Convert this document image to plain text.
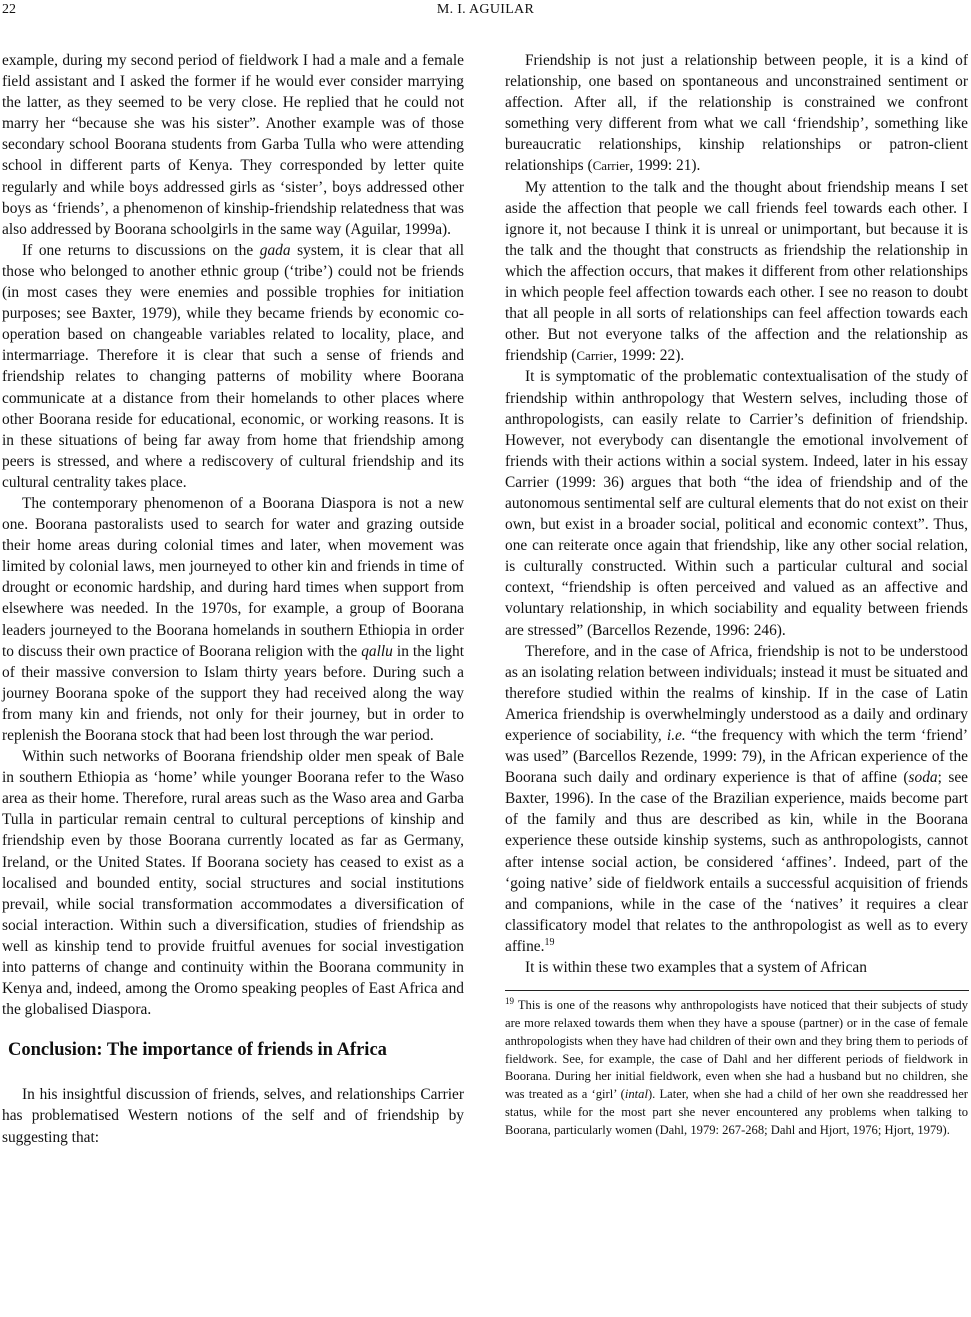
22	M. I. AGUILAR

example, during my second period of fieldwork I had a male and a female field assistant and I asked the former if he would ever consider marrying the latter, as they seemed to be very close. He replied that he could not marry her “because she was his sister”. Another example was of those secondary school Boorana students from Garba Tulla who were attending school in different parts of Kenya. They corresponded by letter quite regularly and while boys addressed girls as ‘sister’, boys addressed other boys as ‘friends’, a phenomenon of kinship-friendship relatedness that was also addressed by Boorana schoolgirls in the same way (Aguilar, 1999a).

If one returns to discussions on the gada system, it is clear that all those who belonged to another ethnic group (‘tribe’) could not be friends (in most cases they were enemies and possible trophies for initiation purposes; see Baxter, 1979), while they became friends by economic co-operation based on changeable variables related to locality, place, and intermarriage. Therefore it is clear that such a sense of friends and friendship relates to changing patterns of mobility where Boorana communicate at a distance from their homelands to other places where other Boorana reside for educational, economic, or working reasons. It is in these situations of being far away from home that friendship among peers is stressed, and where a rediscovery of cultural friendship and its cultural centrality takes place.

The contemporary phenomenon of a Boorana Diaspora is not a new one. Boorana pastoralists used to search for water and grazing outside their home areas during colonial times and later, when movement was limited by colonial laws, men journeyed to other kin and friends in time of drought or economic hardship, and during hard times when support from elsewhere was needed. In the 1970s, for example, a group of Boorana leaders journeyed to the Boorana homelands in southern Ethiopia in order to discuss their own practice of Boorana religion with the qallu in the light of their massive conversion to Islam thirty years before. During such a journey Boorana spoke of the support they had received along the way from many kin and friends, not only for their journey, but in order to replenish the Boorana stock that had been lost through the war period.

Within such networks of Boorana friendship older men speak of Bale in southern Ethiopia as ‘home’ while younger Boorana refer to the Waso area as their home. Therefore, rural areas such as the Waso area and Garba Tulla in particular remain central to cultural perceptions of kinship and friendship even by those Boorana currently located as far as Germany, Ireland, or the United States. If Boorana society has ceased to exist as a localised and bounded entity, social structures and social institutions prevail, while social transformation accommodates a diversification of social interaction. Within such a diversification, studies of friendship as well as kinship tend to provide fruitful avenues for social investigation into patterns of change and continuity within the Boorana community in Kenya and, indeed, among the Oromo speaking peoples of East Africa and the globalised Diaspora.

Conclusion: The importance of friends in Africa

In his insightful discussion of friends, selves, and relationships Carrier has problematised Western notions of the self and of friendship by suggesting that:

Friendship is not just a relationship between people, it is a kind of relationship, one based on spontaneous and unconstrained sentiment or affection. After all, if the relationship is constrained we confront something very different from what we call ‘friendship’, something like bureaucratic relationships, kinship relationships or patron-client relationships (Carrier, 1999: 21).

My attention to the talk and the thought about friendship means I set aside the affection that people we call friends feel towards each other. I ignore it, not because I think it is unreal or unimportant, but because it is the talk and the thought that constructs as friendship the relationship in which the affection occurs, that makes it different from other relationships in which people feel affection towards each other. I see no reason to doubt that all people in all sorts of relationships can feel affection towards each other. But not everyone talks of the affection and the relationship as friendship (Carrier, 1999: 22).

It is symptomatic of the problematic contextualisation of the study of friendship within anthropology that Western selves, including those of anthropologists, can easily relate to Carrier’s definition of friendship. However, not everybody can disentangle the emotional involvement of friends with their actions within a social system. Indeed, later in his essay Carrier (1999: 36) argues that both “the idea of friendship and of the autonomous sentimental self are cultural elements that do not exist on their own, but exist in a broader social, political and economic context”. Thus, one can reiterate once again that friendship, like any other social relation, is culturally constructed. Within such a particular cultural and social context, “friendship is often perceived and valued as an affective and voluntary relationship, in which sociability and equality between friends are stressed” (Barcellos Rezende, 1996: 246).

Therefore, and in the case of Africa, friendship is not to be understood as an isolating relation between individuals; instead it must be situated and therefore studied within the realms of kinship. If in the case of Latin America friendship is overwhelmingly understood as a daily and ordinary experience of sociability, i.e. “the frequency with which the term ‘friend’ was used” (Barcellos Rezende, 1999: 79), in the African experience of the Boorana such daily and ordinary experience is that of affine (soda; see Baxter, 1996). In the case of the Brazilian experience, maids become part of the family and thus are described as kin, while in the Boorana experience these outside kinship systems, such as anthropologists, cannot after intense social action, be considered ‘affines’. Indeed, part of the ‘going native’ side of fieldwork entails a successful acquisition of friends and companions, while in the case of the ‘natives’ it requires a clear classificatory model that relates to the anthropologist as well as to every affine.$^{19}$

It is within these two examples that a system of African

$^{19}$ This is one of the reasons why anthropologists have noticed that their subjects of study are more relaxed towards them when they have a spouse (partner) or in the case of female anthropologists when they have had children of their own and they bring them to periods of fieldwork. See, for example, the case of Dahl and her different periods of fieldwork in Boorana. During her initial fieldwork, even when she had a husband but no children, she was treated as a ‘girl’ (intal). Later, when she had a child of her own she readdressed her status, while for the most part she never encountered any problems when talking to Boorana, particularly women (Dahl, 1979: 267-268; Dahl and Hjort, 1976; Hjort, 1979).
